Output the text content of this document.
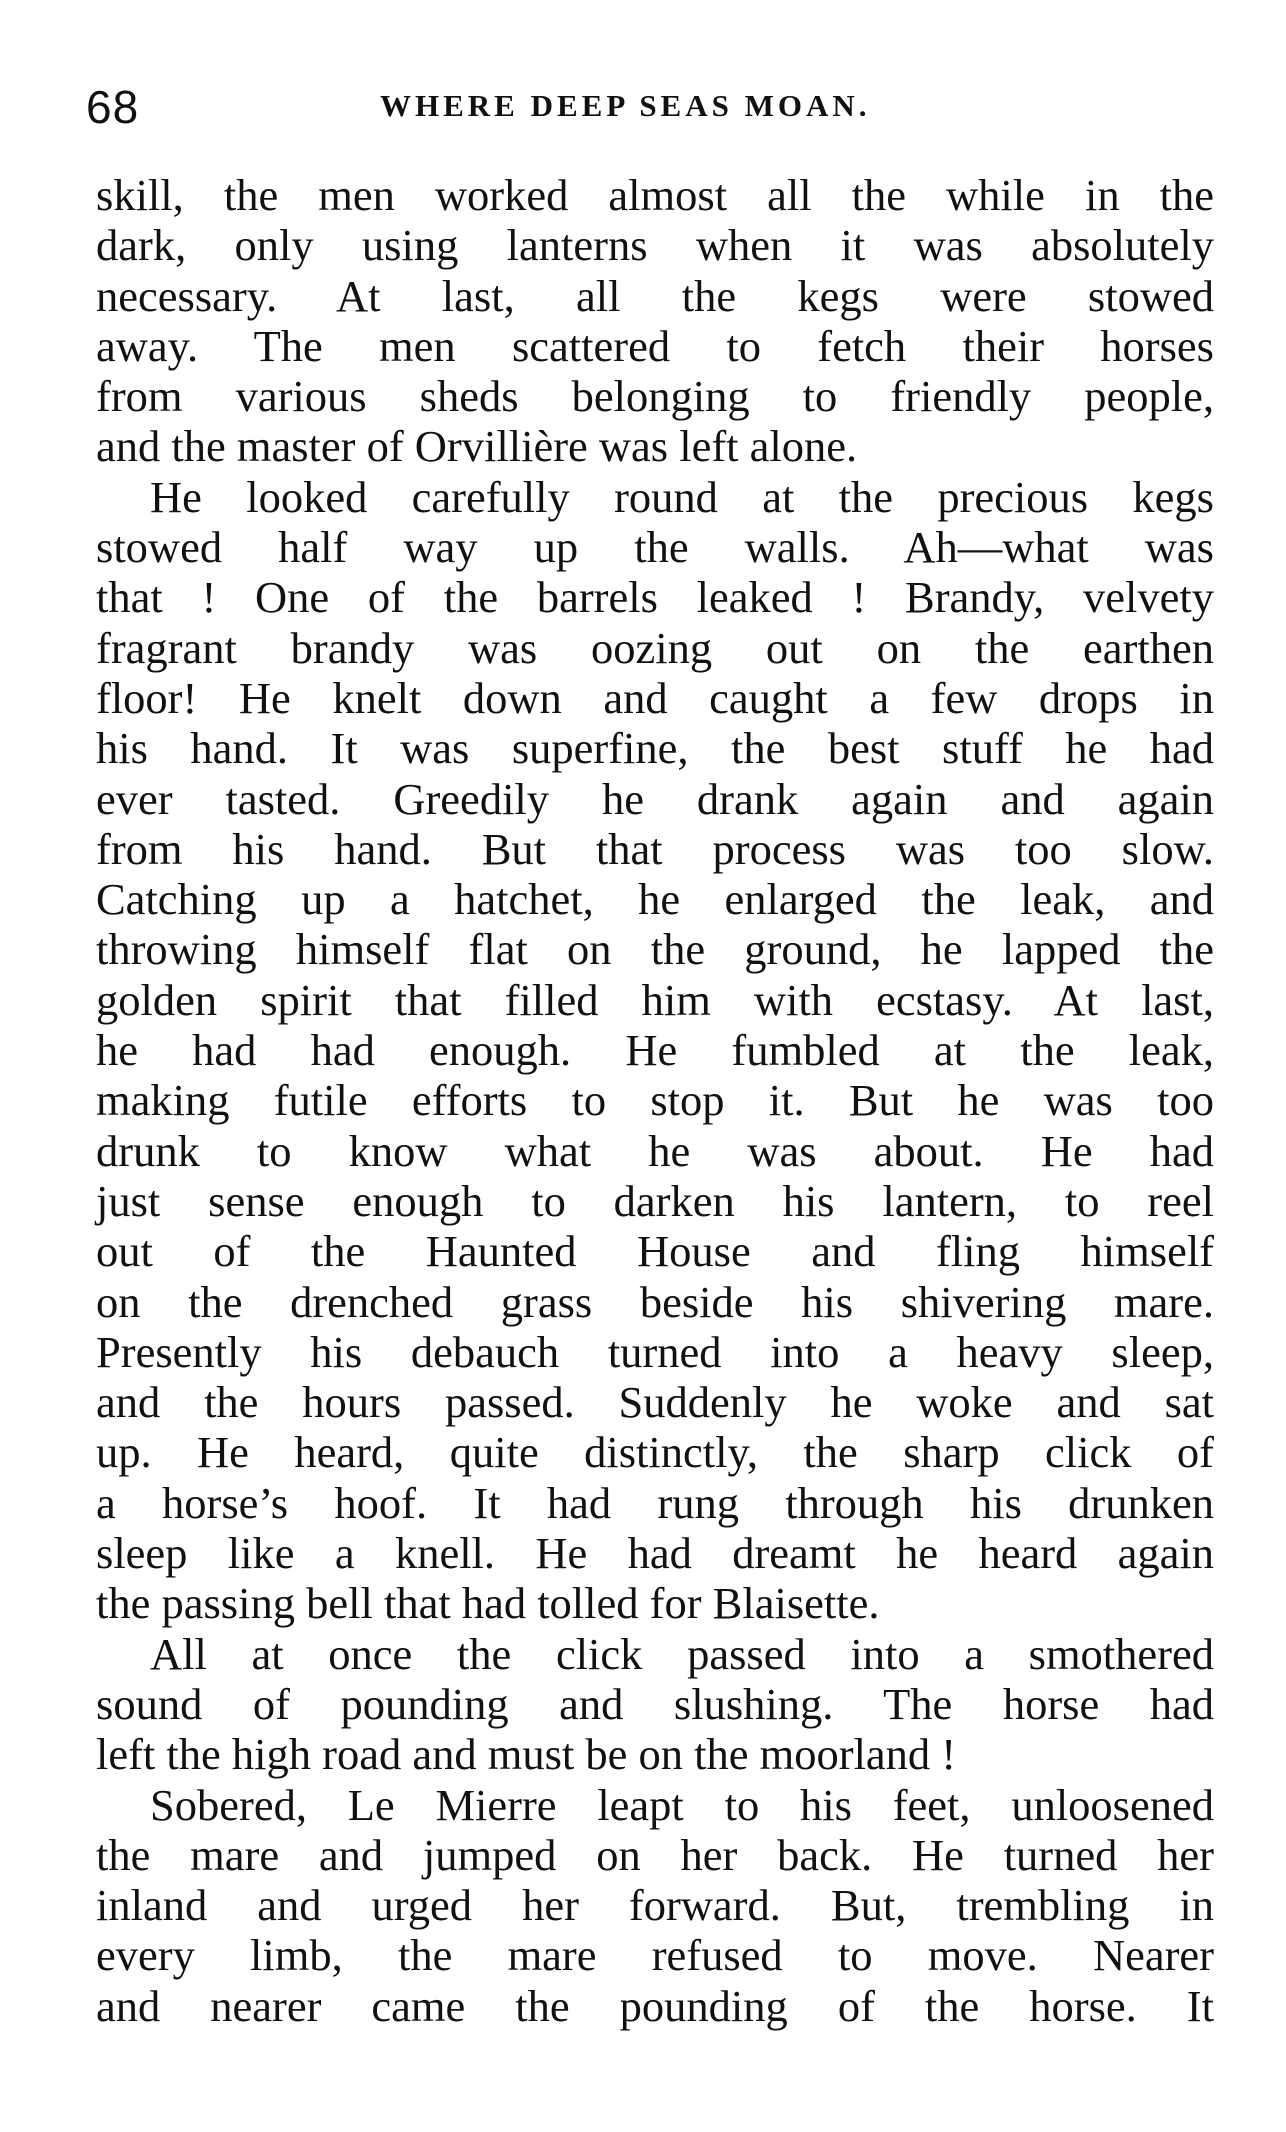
68	WHERE DEEP SEAS MOAN.

skill, the men worked almost all the while in the
dark, only using lanterns when it was absolutely
necessary. At last, all the kegs were stowed
away. The men scattered to fetch their horses
from various sheds belonging to friendly people,
and the master of Orvillière was left alone.

He looked carefully round at the precious kegs
stowed half way up the walls. Ah—what was
that ! One of the barrels leaked ! Brandy, velvety
fragrant brandy was oozing out on the earthen
floor! He knelt down and caught a few drops in
his hand. It was superfine, the best stuff he had
ever tasted. Greedily he drank again and again
from his hand. But that process was too slow.
Catching up a hatchet, he enlarged the leak, and
throwing himself flat on the ground, he lapped the
golden spirit that filled him with ecstasy. At last,
he had had enough. He fumbled at the leak,
making futile efforts to stop it. But he was too
drunk to know what he was about. He had
just sense enough to darken his lantern, to reel
out of the Haunted House and fling himself
on the drenched grass beside his shivering mare.
Presently his debauch turned into a heavy sleep,
and the hours passed. Suddenly he woke and sat
up. He heard, quite distinctly, the sharp click of
a horse’s hoof. It had rung through his drunken
sleep like a knell. He had dreamt he heard again
the passing bell that had tolled for Blaisette.

All at once the click passed into a smothered
sound of pounding and slushing. The horse had
left the high road and must be on the moorland !

Sobered, Le Mierre leapt to his feet, unloosened
the mare and jumped on her back. He turned her
inland and urged her forward. But, trembling in
every limb, the mare refused to move. Nearer
and nearer came the pounding of the horse. It
